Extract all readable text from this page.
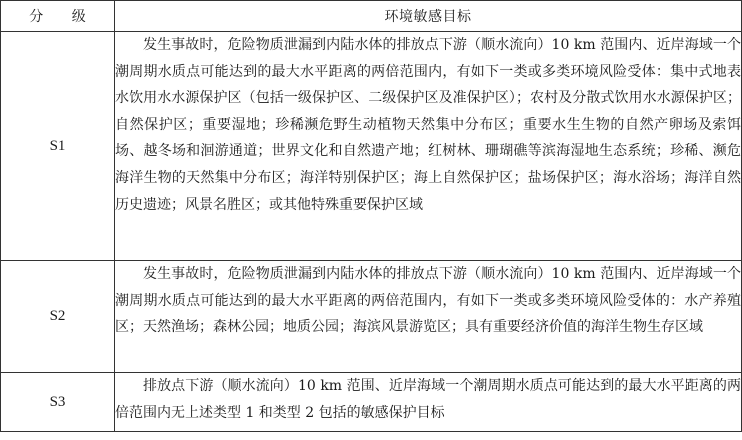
分 级	环境敏感目标
S1	发生事故时，危险物质泄漏到内陆水体的排放点下游（顺水流向）10 km 范围内、近岸海域一个潮周期水质点可能达到的最大水平距离的两倍范围内，有如下一类或多类环境风险受体：集中式地表水饮用水水源保护区（包括一级保护区、二级保护区及准保护区）；农村及分散式饮用水水源保护区；自然保护区；重要湿地；珍稀濒危野生动植物天然集中分布区；重要水生生物的自然产卵场及索饵场、越冬场和洄游通道；世界文化和自然遗产地；红树林、珊瑚礁等滨海湿地生态系统；珍稀、濒危海洋生物的天然集中分布区；海洋特别保护区；海上自然保护区；盐场保护区；海水浴场；海洋自然历史遗迹；风景名胜区；或其他特殊重要保护区域
S2	发生事故时，危险物质泄漏到内陆水体的排放点下游（顺水流向）10 km 范围内、近岸海域一个潮周期水质点可能达到的最大水平距离的两倍范围内，有如下一类或多类环境风险受体的：水产养殖区；天然渔场；森林公园；地质公园；海滨风景游览区；具有重要经济价值的海洋生物生存区域
S3	排放点下游（顺水流向）10 km 范围、近岸海域一个潮周期水质点可能达到的最大水平距离的两倍范围内无上述类型 1 和类型 2 包括的敏感保护目标
